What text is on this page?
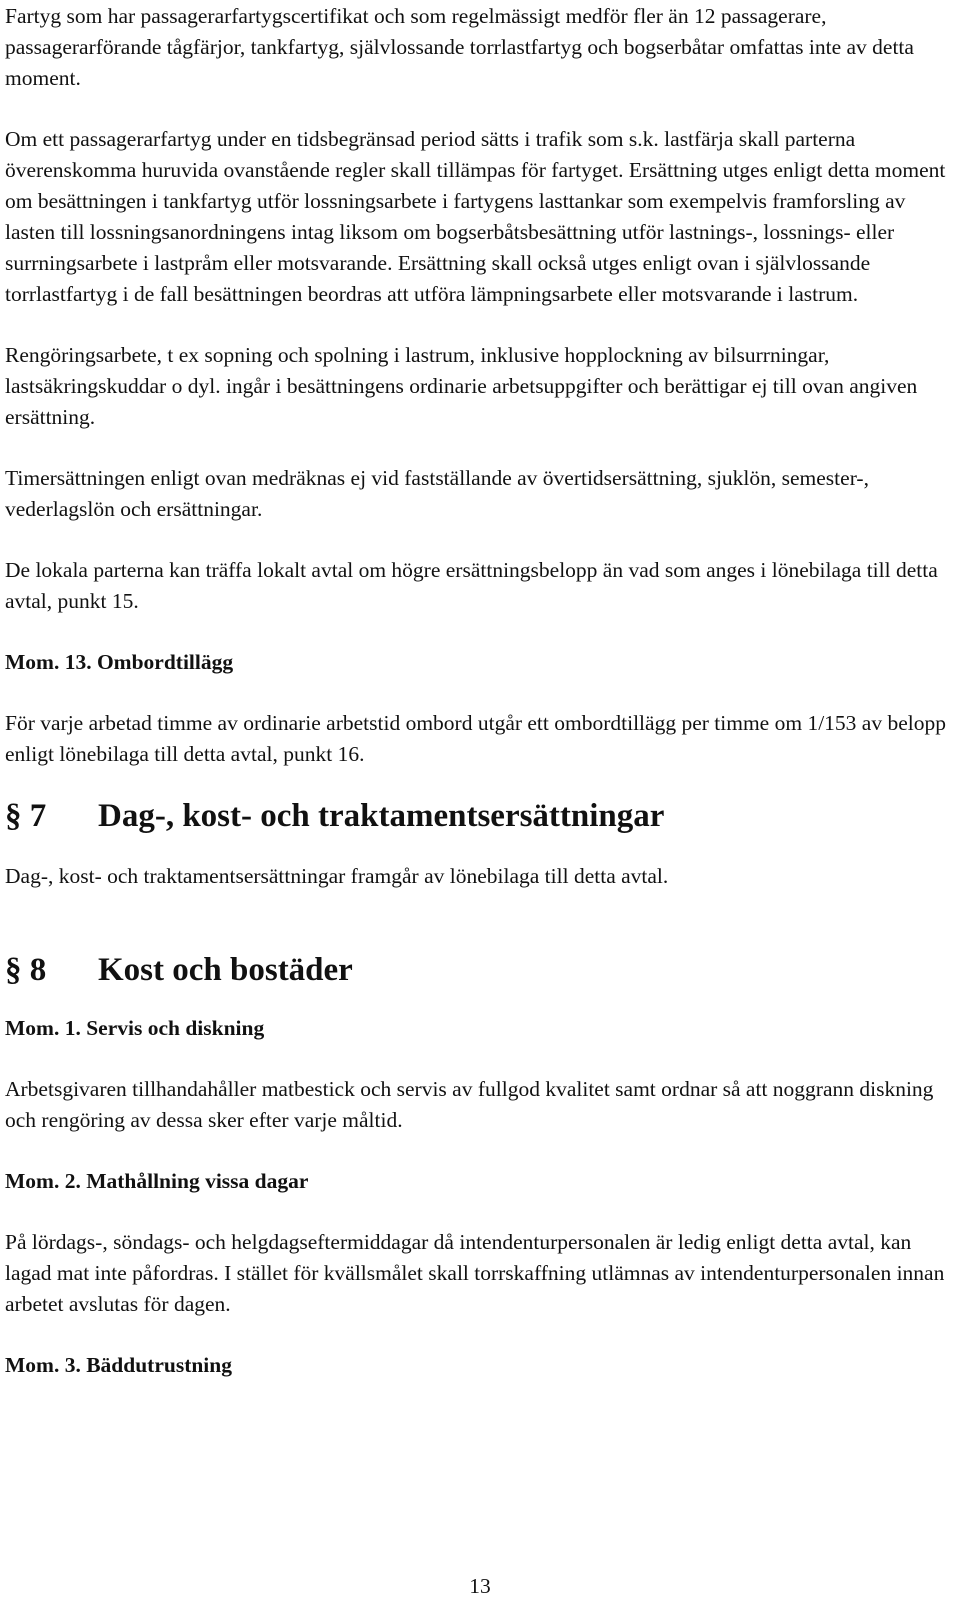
Fartyg som har passagerarfartygscertifikat och som regelmässigt medför fler än 12 passagerare, passagerarförande tågfärjor, tankfartyg, självlossande torrlastfartyg och bogserbåtar omfattas inte av detta moment.

Om ett passagerarfartyg under en tidsbegränsad period sätts i trafik som s.k. lastfärja skall parterna överenskomma huruvida ovanstående regler skall tillämpas för fartyget. Ersättning utges enligt detta moment om besättningen i tankfartyg utför lossningsarbete i fartygens lasttankar som exempelvis framforsling av lasten till lossningsanordningens intag liksom om bogserbåtsbesättning utför lastnings-, lossnings- eller surrningsarbete i lastpråm eller motsvarande. Ersättning skall också utges enligt ovan i självlossande torrlastfartyg i de fall besättningen beordras att utföra lämpningsarbete eller motsvarande i lastrum.

Rengöringsarbete, t ex sopning och spolning i lastrum, inklusive hopplockning av bilsurrningar, lastsäkringskuddar o dyl. ingår i besättningens ordinarie arbetsuppgifter och berättigar ej till ovan angiven ersättning.

Timersättningen enligt ovan medräknas ej vid fastställande av övertidsersättning, sjuklön, semester-, vederlagslön och ersättningar.

De lokala parterna kan träffa lokalt avtal om högre ersättningsbelopp än vad som anges i lönebilaga till detta avtal, punkt 15.

Mom. 13. Ombordtillägg

För varje arbetad timme av ordinarie arbetstid ombord utgår ett ombordtillägg per timme om 1/153 av belopp enligt lönebilaga till detta avtal, punkt 16.

§ 7	Dag-, kost- och traktamentsersättningar

Dag-, kost- och traktamentsersättningar framgår av lönebilaga till detta avtal.

§ 8	Kost och bostäder

Mom. 1. Servis och diskning

Arbetsgivaren tillhandahåller matbestick och servis av fullgod kvalitet samt ordnar så att noggrann diskning och rengöring av dessa sker efter varje måltid.

Mom. 2. Mathållning vissa dagar

På lördags-, söndags- och helgdagseftermiddagar då intendenturpersonalen är ledig enligt detta avtal, kan lagad mat inte påfordras. I stället för kvällsmålet skall torrskaffning utlämnas av intendenturpersonalen innan arbetet avslutas för dagen.

Mom. 3. Bäddutrustning

13
